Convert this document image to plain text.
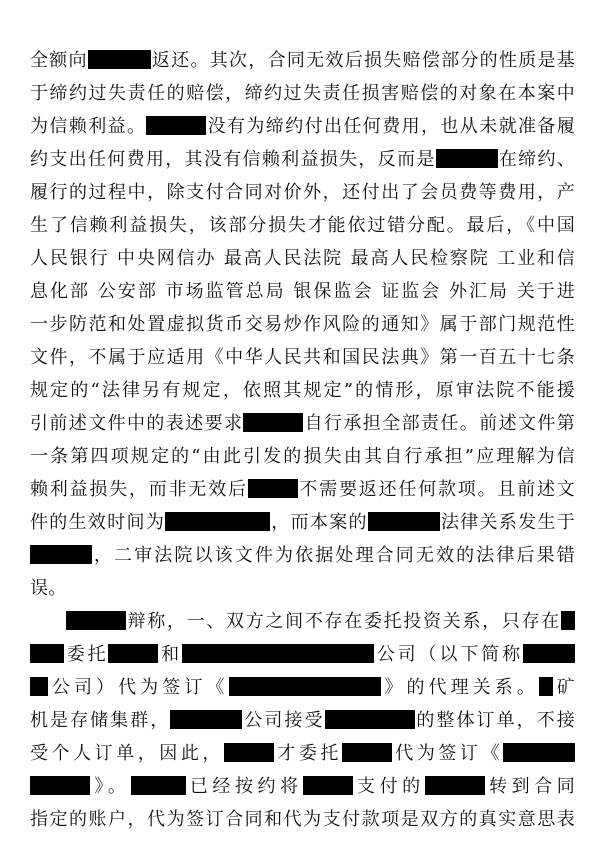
全额向	返还。其次，合同无效后损失赔偿部分的性质是基
于缔约过失责任的赔偿，缔约过失责任损害赔偿的对象在本案中
为信赖利益。	没有为缔约付出任何费用，也从未就准备履
约支出任何费用，其没有信赖利益损失，反而是	在缔约、
履行的过程中，除支付合同对价外，还付出了会员费等费用，产
生了信赖利益损失，该部分损失才能依过错分配。最后，《中国
人民银行 中央网信办 最高人民法院 最高人民检察院 工业和信
息化部 公安部 市场监管总局 银保监会 证监会 外汇局 关于进
一步防范和处置虚拟货币交易炒作风险的通知》属于部门规范性
文件，不属于应适用《中华人民共和国民法典》第一百五十七条
规定的“法律另有规定，依照其规定”的情形，原审法院不能援
引前述文件中的表述要求	自行承担全部责任。前述文件第
一条第四项规定的“由此引发的损失由其自行承担”应理解为信
赖利益损失，而非无效后	不需要返还任何款项。且前述文
件的生效时间为	，而本案的	法律关系发生于
，二审法院以该文件为依据处理合同无效的法律后果错
误。
辩称，一、双方之间不存在委托投资关系，只存在
委托	和	公司（以下简称
公司）代为签订《	》的代理关系。 矿
机是存储集群，	公司接受	的整体订单，不接
受个人订单，因此，	才委托	代为签订《
》。	已经按约将	支付的	转到合同
指定的账户，代为签订合同和代为支付款项是双方的真实意思表
